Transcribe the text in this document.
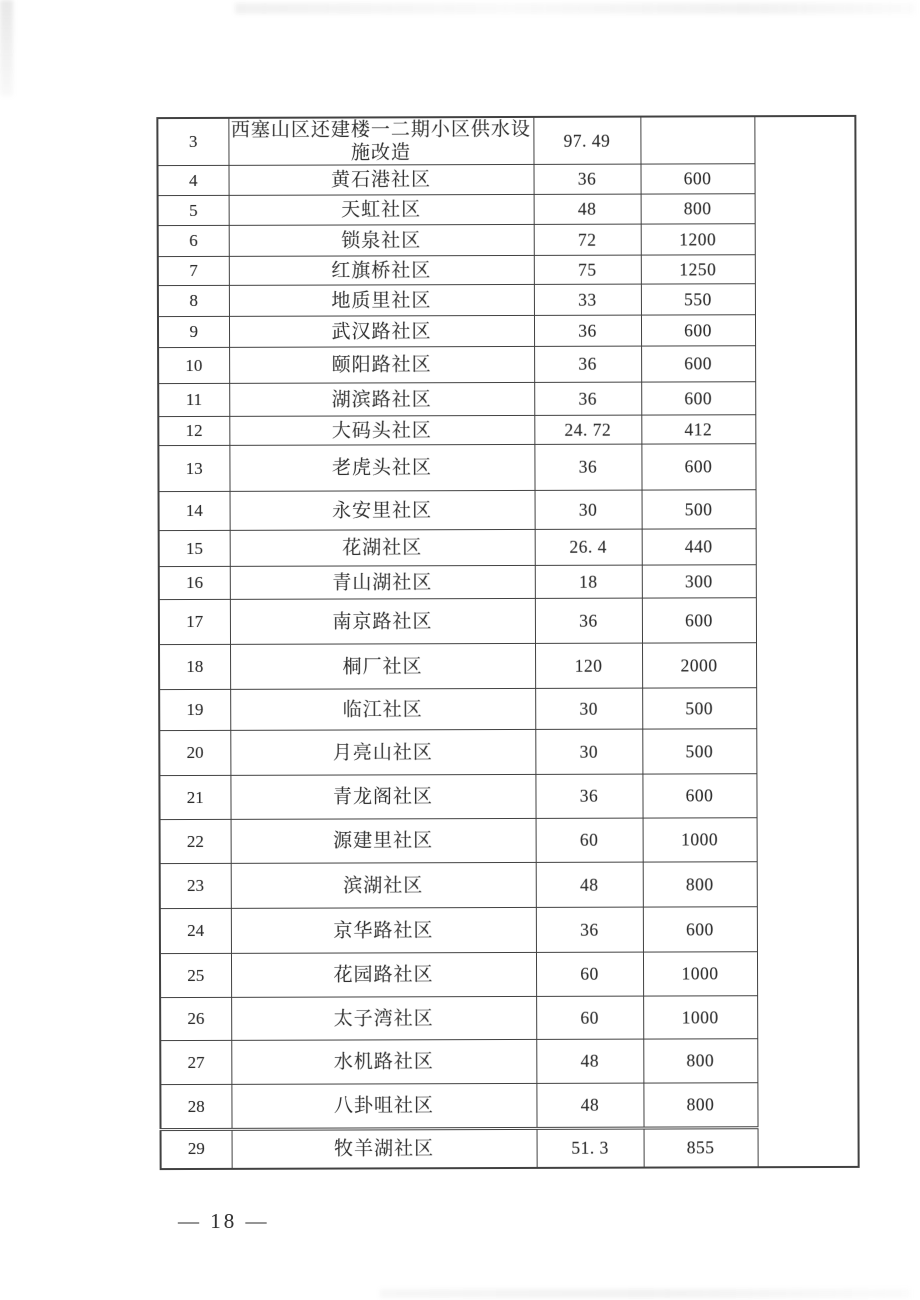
3	西塞山区还建楼一二期小区供水设施改造	97. 49		
4	黄石港社区	36	600	
5	天虹社区	48	800	
6	锁泉社区	72	1200	
7	红旗桥社区	75	1250	
8	地质里社区	33	550	
9	武汉路社区	36	600	
10	颐阳路社区	36	600	
11	湖滨路社区	36	600	
12	大码头社区	24. 72	412	
13	老虎头社区	36	600	
14	永安里社区	30	500	
15	花湖社区	26. 4	440	
16	青山湖社区	18	300	
17	南京路社区	36	600	
18	桐厂社区	120	2000	
19	临江社区	30	500	
20	月亮山社区	30	500	
21	青龙阁社区	36	600	
22	源建里社区	60	1000	
23	滨湖社区	48	800	
24	京华路社区	36	600	
25	花园路社区	60	1000	
26	太子湾社区	60	1000	
27	水机路社区	48	800	
28	八卦咀社区	48	800	
29	牧羊湖社区	51. 3	855	
— 18 —
